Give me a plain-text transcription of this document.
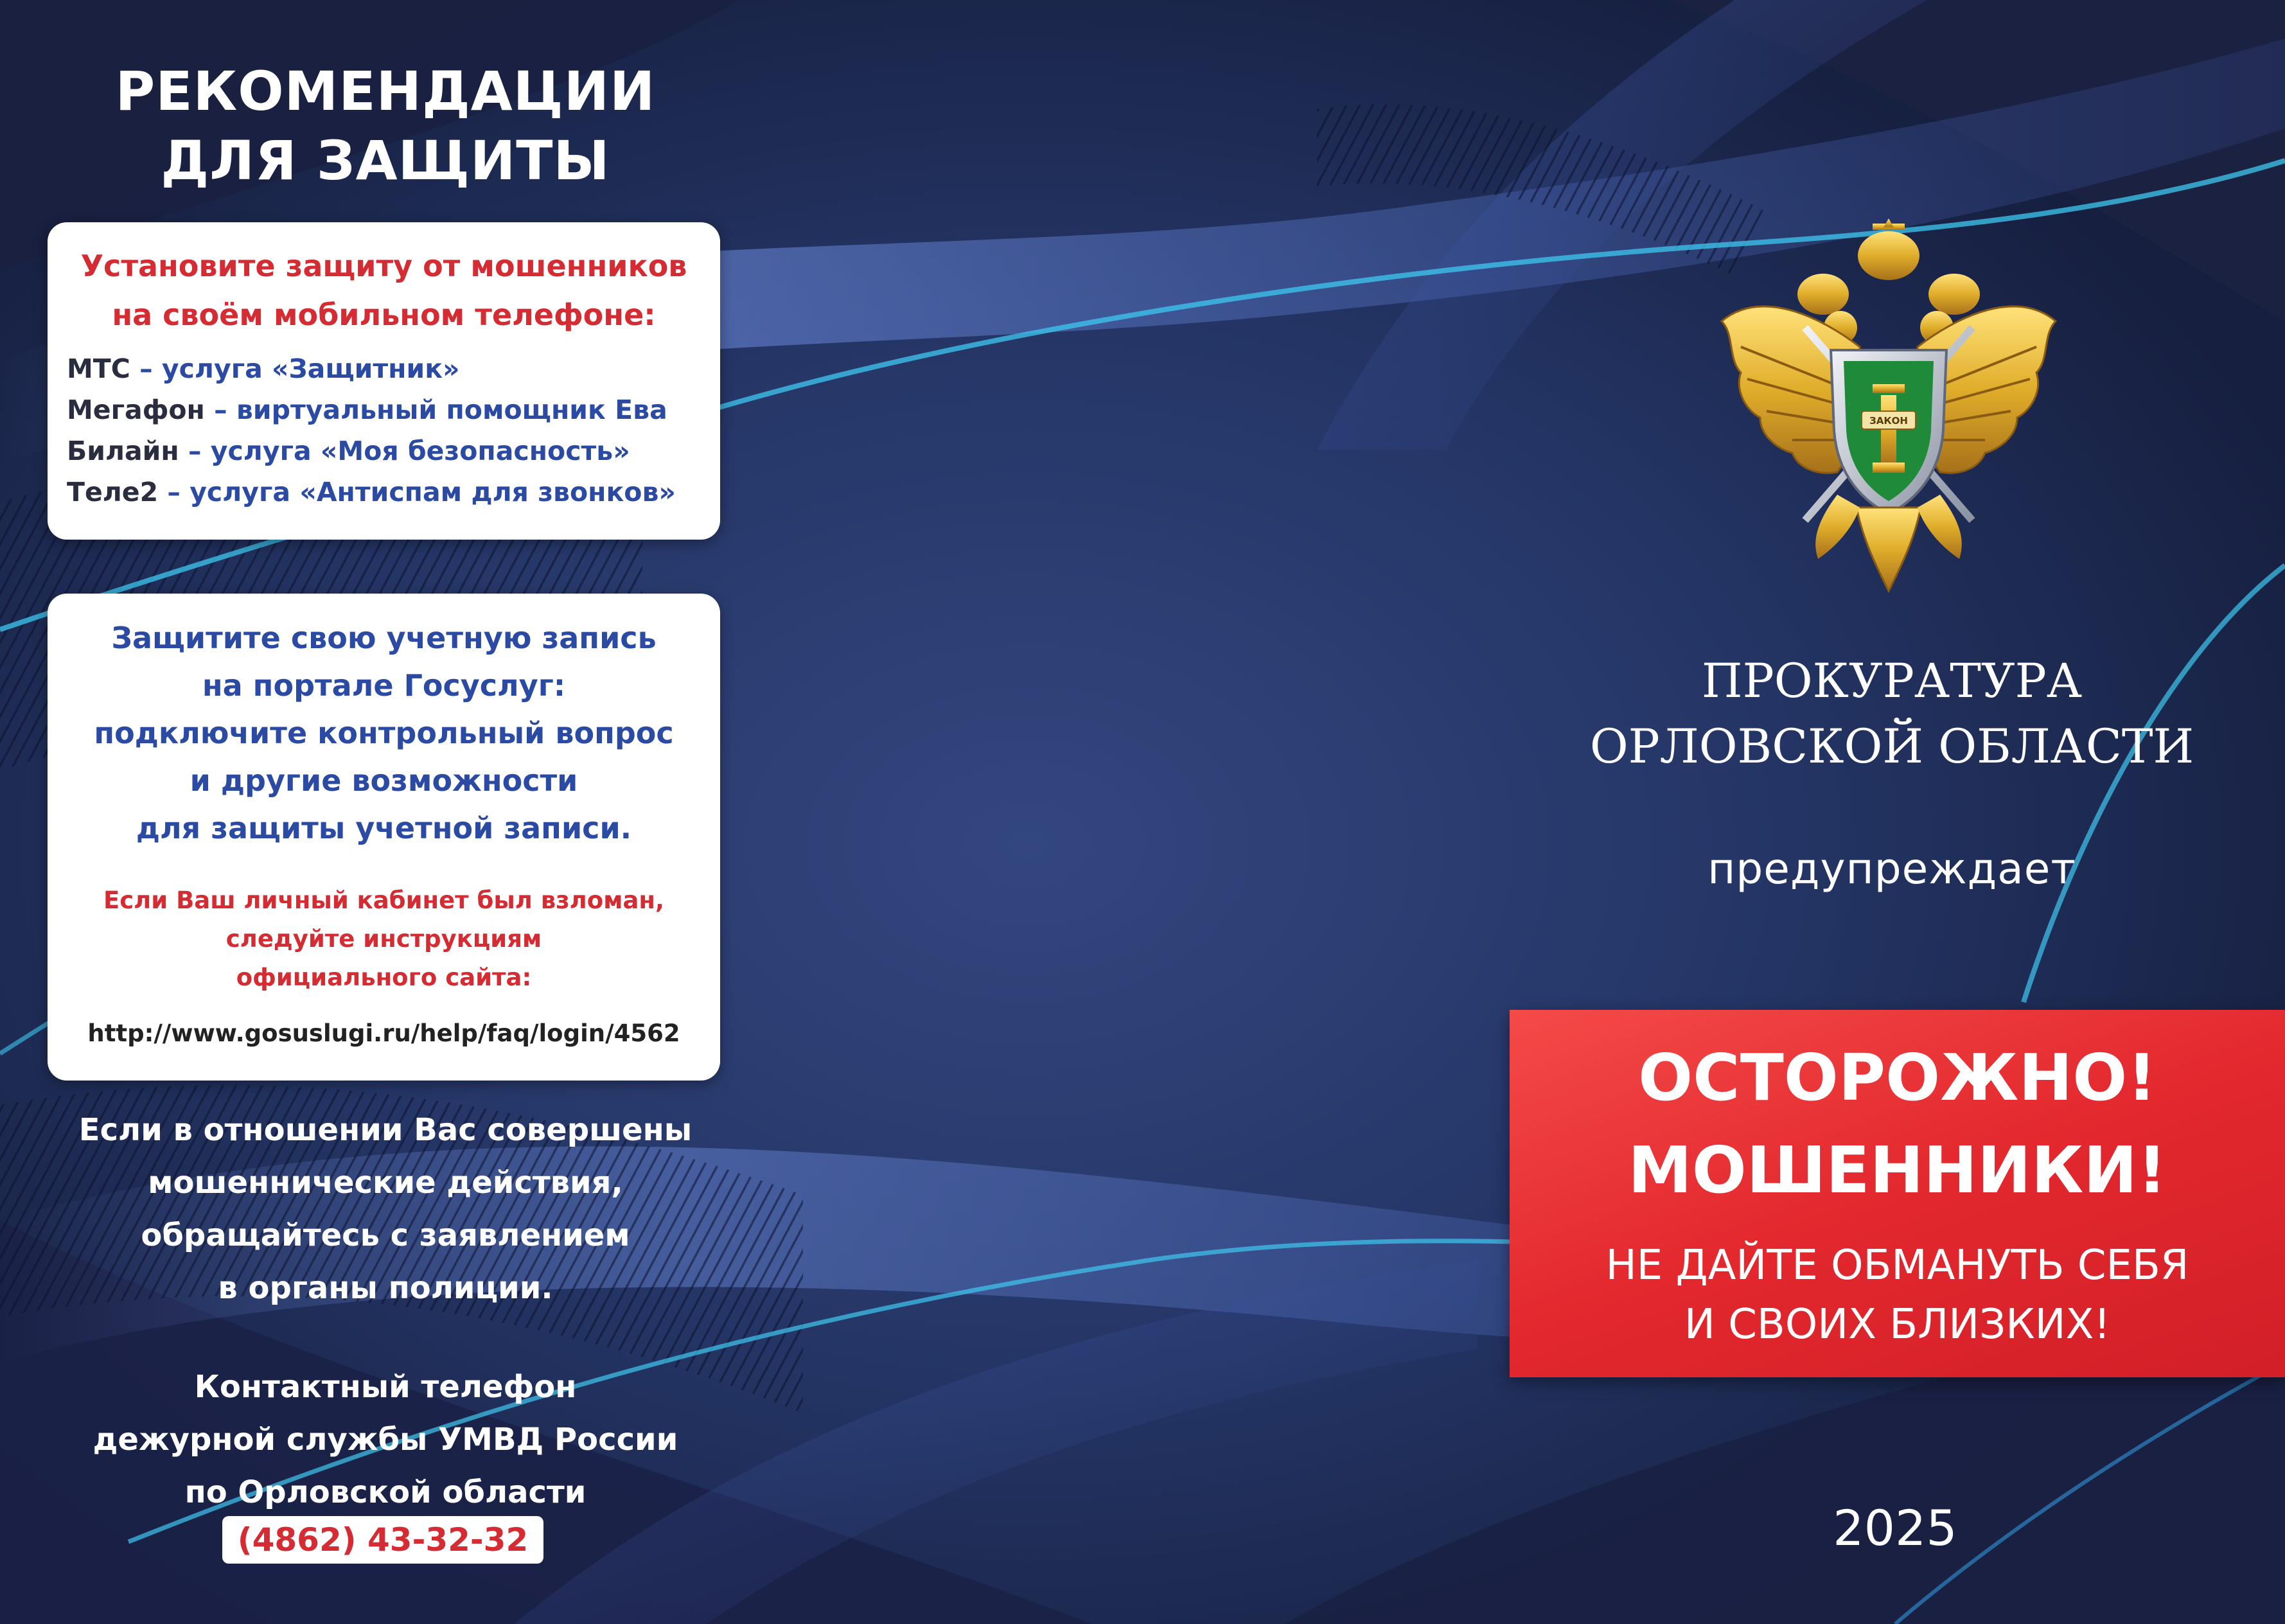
РЕКОМЕНДАЦИИ
ДЛЯ ЗАЩИТЫ
Установите защиту от мошенников
на своём мобильном телефоне:
МТС – услуга «Защитник»
Мегафон – виртуальный помощник Ева
Билайн – услуга «Моя безопасность»
Теле2 – услуга «Антиспам для звонков»
Защитите свою учетную запись
на портале Госуслуг:
подключите контрольный вопрос
и другие возможности
для защиты учетной записи.
Если Ваш личный кабинет был взломан,
следуйте инструкциям
официального сайта:
http://www.gosuslugi.ru/help/faq/login/4562
Если в отношении Вас совершены
мошеннические действия,
обращайтесь с заявлением
в органы полиции.
Контактный телефон
дежурной службы УМВД России
по Орловской области
(4862) 43-32-32
ЗАКОН
ПРОКУРАТУРА
ОРЛОВСКОЙ ОБЛАСТИ
предупреждает
ОСТОРОЖНО!
МОШЕННИКИ!
НЕ ДАЙТЕ ОБМАНУТЬ СЕБЯ
И СВОИХ БЛИЗКИХ!
2025
